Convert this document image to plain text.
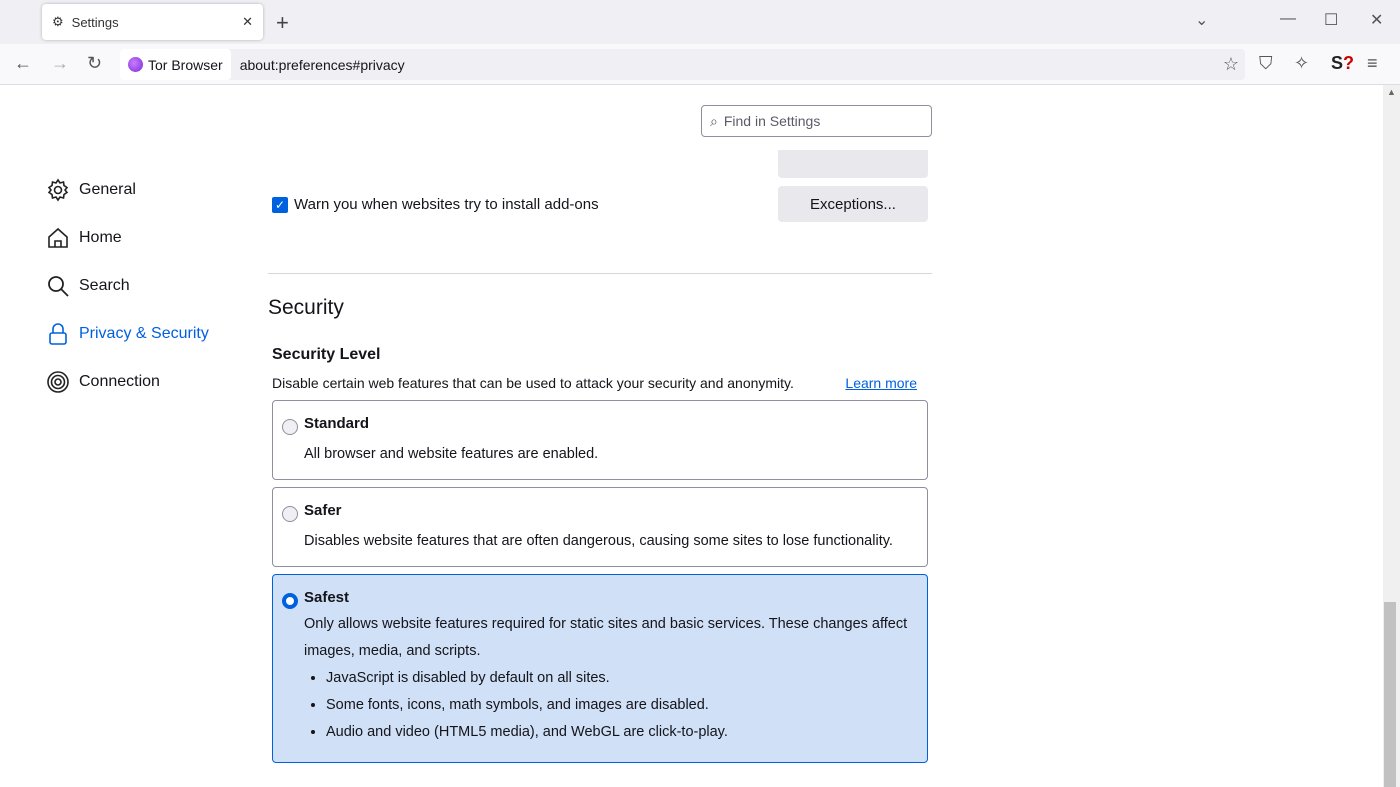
⚙ Settings	✕ +	⌄	— ☐ ✕
← → ↻	Tor Browser about:preferences#privacy	☆ ⛉ ✧ S? ≡
⌕ Find in Settings
General
Home
Search
Privacy & Security
Connection
✓ Warn you when websites try to install add-ons	Exceptions...
Security
Security Level
Disable certain web features that can be used to attack your security and anonymity.	Learn more
Standard

All browser and website features are enabled.

Safer

Disables website features that are often dangerous, causing some sites to lose functionality.

Safest

Only allows website features required for static sites and basic services. These changes affect images, media, and scripts.

• JavaScript is disabled by default on all sites.
• Some fonts, icons, math symbols, and images are disabled.
• Audio and video (HTML5 media), and WebGL are click-to-play.
▲
